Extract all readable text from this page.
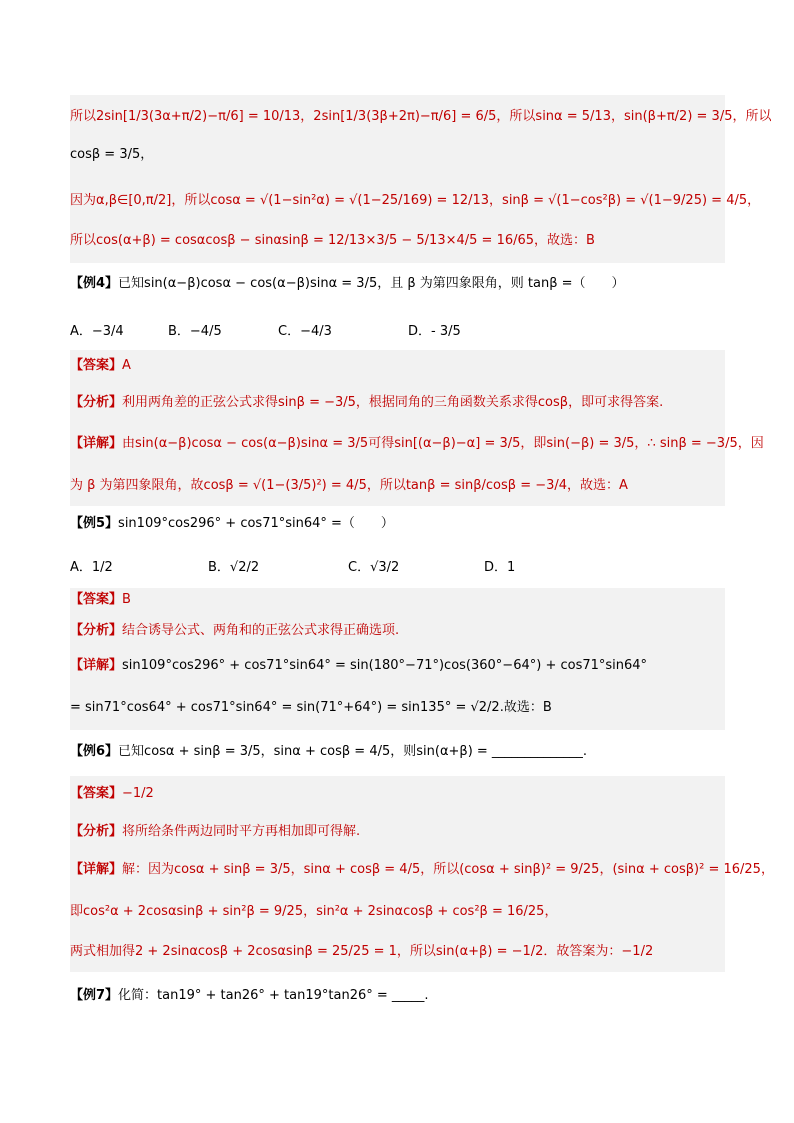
所以2sin[1/3(3α+π/2)−π/6] = 10/13，2sin[1/3(3β+2π)−π/6] = 6/5，所以sinα = 5/13，sin(β+π/2) = 3/5，所以
cosβ = 3/5，
因为α,β∈[0,π/2]，所以cosα = √(1−sin²α) = √(1−25/169) = 12/13，sinβ = √(1−cos²β) = √(1−9/25) = 4/5，
所以cos(α+β) = cosαcosβ − sinαsinβ = 12/13×3/5 − 5/13×4/5 = 16/65，故选：B
【例4】已知sin(α−β)cosα − cos(α−β)sinα = 3/5，且 β 为第四象限角，则 tanβ =（　　）
A．−3/4	B．−4/5	C．−4/3	D．- 3/5
【答案】A
【分析】利用两角差的正弦公式求得sinβ = −3/5，根据同角的三角函数关系求得cosβ，即可求得答案.
【详解】由sin(α−β)cosα − cos(α−β)sinα = 3/5可得sin[(α−β)−α] = 3/5，即sin(−β) = 3/5，∴ sinβ = −3/5，因
为 β 为第四象限角，故cosβ = √(1−(3/5)²) = 4/5，所以tanβ = sinβ/cosβ = −3/4，故选：A
【例5】sin109°cos296° + cos71°sin64° =（　　）
A．1/2	B．√2/2	C．√3/2	D．1
【答案】B
【分析】结合诱导公式、两角和的正弦公式求得正确选项.
【详解】sin109°cos296° + cos71°sin64° = sin(180°−71°)cos(360°−64°) + cos71°sin64°
= sin71°cos64° + cos71°sin64° = sin(71°+64°) = sin135° = √2/2.故选：B
【例6】已知cosα + sinβ = 3/5，sinα + cosβ = 4/5，则sin(α+β) = ______________.
【答案】−1/2
【分析】将所给条件两边同时平方再相加即可得解.
【详解】解：因为cosα + sinβ = 3/5，sinα + cosβ = 4/5，所以(cosα + sinβ)² = 9/25，(sinα + cosβ)² = 16/25，
即cos²α + 2cosαsinβ + sin²β = 9/25，sin²α + 2sinαcosβ + cos²β = 16/25，
两式相加得2 + 2sinαcosβ + 2cosαsinβ = 25/25 = 1，所以sin(α+β) = −1/2．故答案为：−1/2
【例7】化简：tan19° + tan26° + tan19°tan26° = _____.
